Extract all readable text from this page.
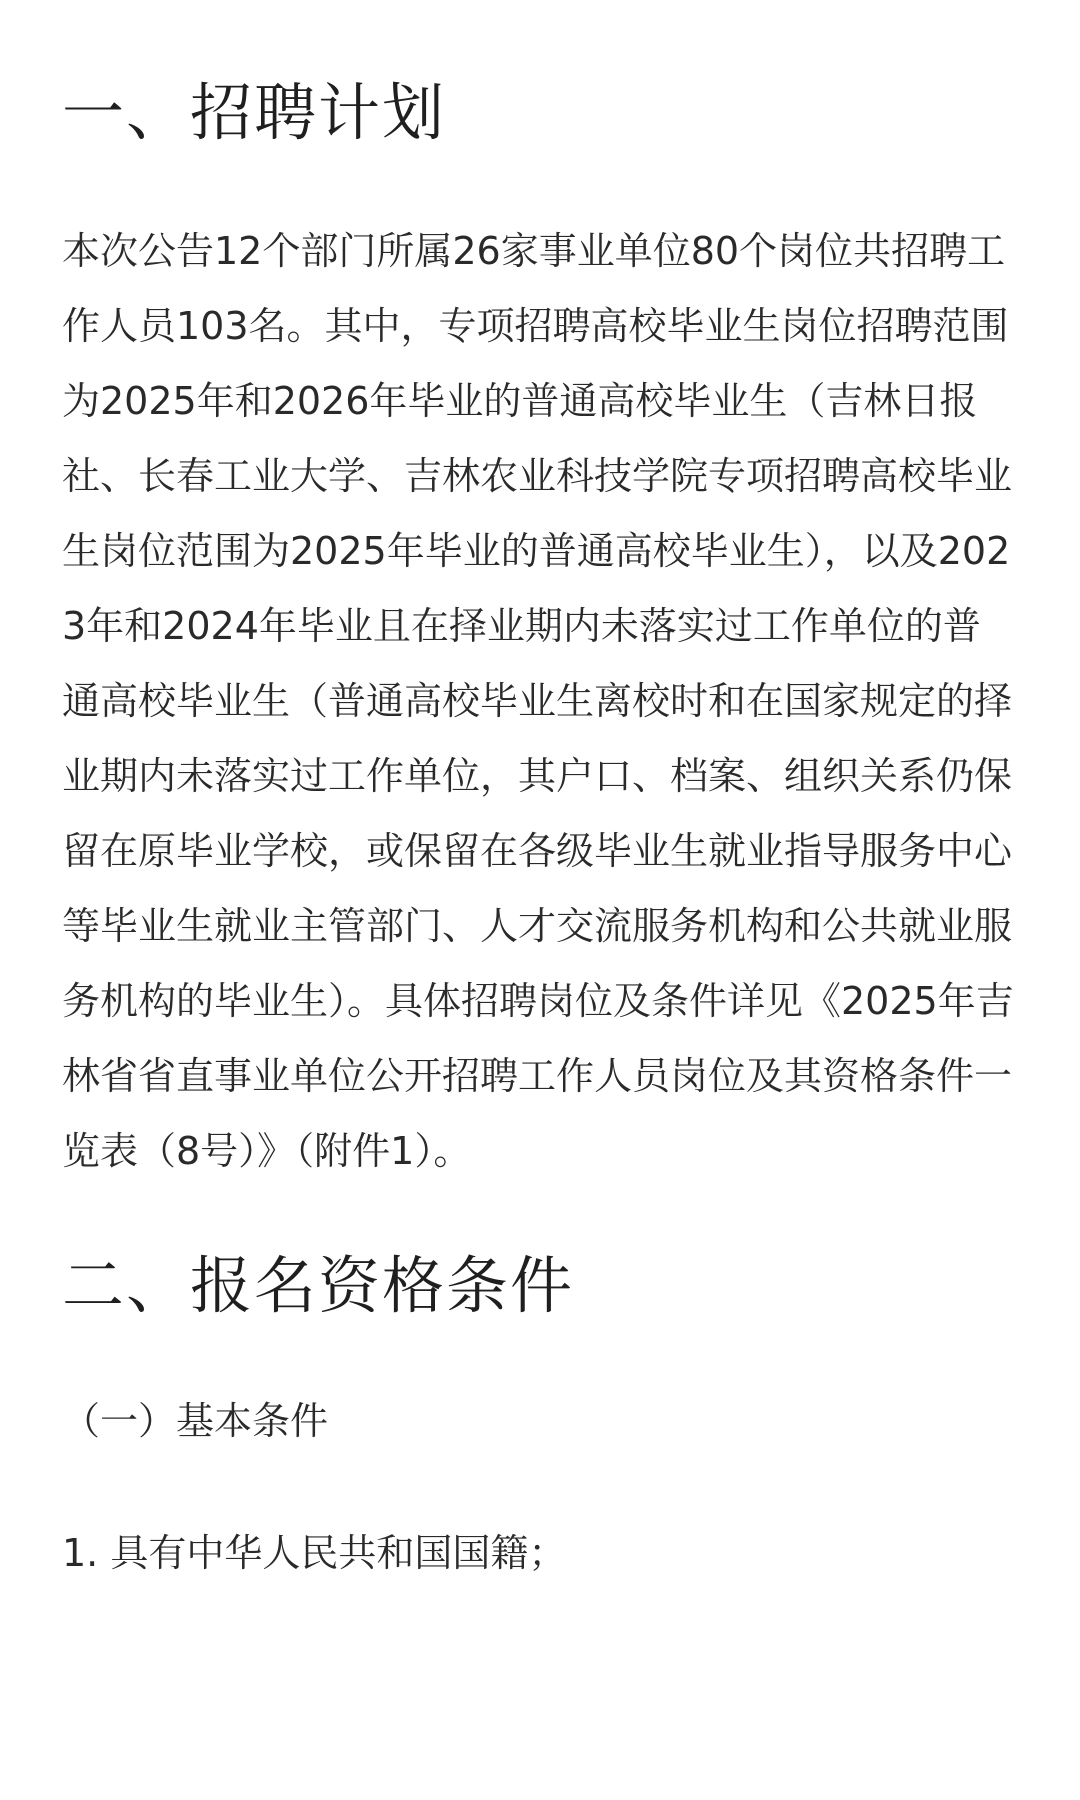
一、招聘计划

本次公告12个部门所属26家事业单位80个岗位共招聘工作人员103名。其中，专项招聘高校毕业生岗位招聘范围为2025年和2026年毕业的普通高校毕业生（吉林日报社、长春工业大学、吉林农业科技学院专项招聘高校毕业生岗位范围为2025年毕业的普通高校毕业生），以及2023年和2024年毕业且在择业期内未落实过工作单位的普通高校毕业生（普通高校毕业生离校时和在国家规定的择业期内未落实过工作单位，其户口、档案、组织关系仍保留在原毕业学校，或保留在各级毕业生就业指导服务中心等毕业生就业主管部门、人才交流服务机构和公共就业服务机构的毕业生）。具体招聘岗位及条件详见《2025年吉林省省直事业单位公开招聘工作人员岗位及其资格条件一览表（8号）》（附件1）。

二、报名资格条件

（一）基本条件

1. 具有中华人民共和国国籍；
